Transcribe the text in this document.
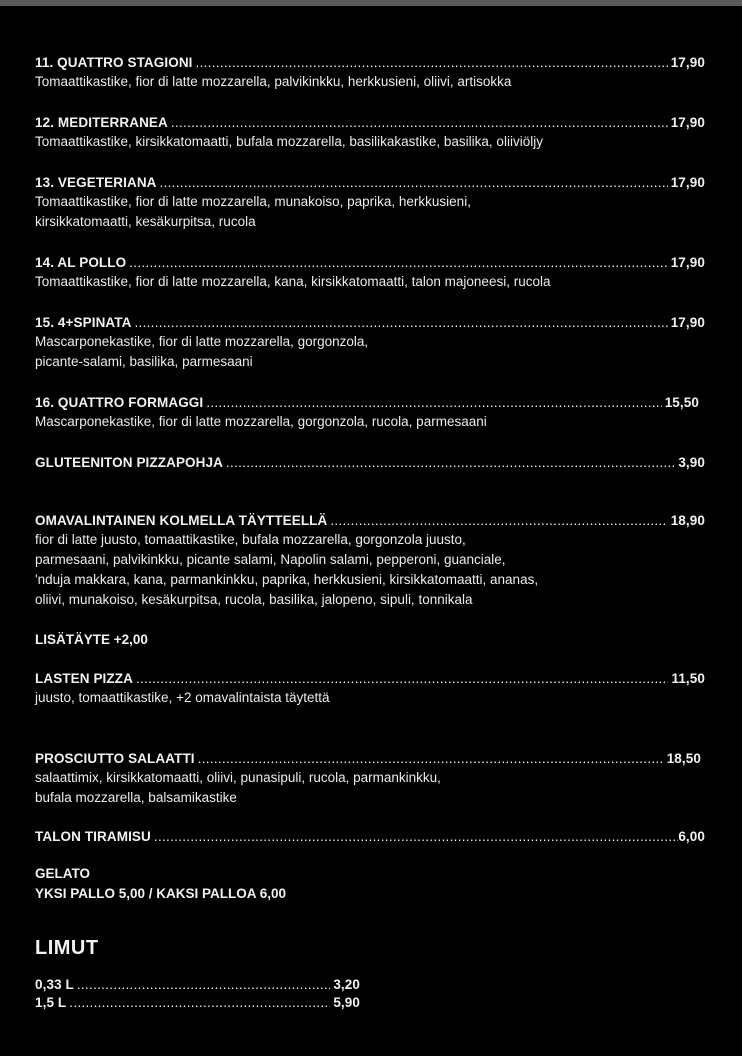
11. QUATTRO STAGIONI .....	17,90
Tomaattikastike, fior di latte mozzarella, palvikinkku, herkkusieni, oliivi, artisokka
12. MEDITERRANEA .....	17,90
Tomaattikastike, kirsikkatomaatti, bufala mozzarella, basilikakastike, basilika, oliiviöljy
13. VEGETERIANA .....	17,90
Tomaattikastike, fior di latte mozzarella, munakoiso, paprika, herkkusieni,
kirsikkatomaatti, kesäkurpitsa, rucola
14. AL POLLO .....	17,90
Tomaattikastike, fior di latte mozzarella, kana, kirsikkatomaatti, talon majoneesi, rucola
15. 4+SPINATA .....	17,90
Mascarponekastike, fior di latte mozzarella, gorgonzola,
picante-salami, basilika, parmesaani
16. QUATTRO FORMAGGI .....	15,50
Mascarponekastike, fior di latte mozzarella, gorgonzola, rucola, parmesaani
GLUTEENITON PIZZAPOHJA .....	3,90
OMAVALINTAINEN KOLMELLA TÄYTTEELLÄ .....	18,90
fior di latte juusto, tomaattikastike, bufala mozzarella, gorgonzola juusto,
parmesaani, palvikinkku, picante salami, Napolin salami, pepperoni, guanciale,
'nduja makkara, kana, parmankinkku, paprika, herkkusieni, kirsikkatomaatti, ananas,
oliivi, munakoiso, kesäkurpitsa, rucola, basilika, jalopeno, sipuli, tonnikala
LISÄTÄYTE +2,00
LASTEN PIZZA .....	11,50
juusto, tomaattikastike, +2 omavalintaista täytettä
PROSCIUTTO SALAATTI .....	18,50
salaattimix, kirsikkatomaatti, oliivi, punasipuli, rucola, parmankinkku,
bufala mozzarella, balsamikastike
TALON TIRAMISU .....	6,00
GELATO
YKSI PALLO 5,00 / KAKSI PALLOA 6,00
LIMUT
0,33 L .....	3,20
1,5 L .....	5,90
